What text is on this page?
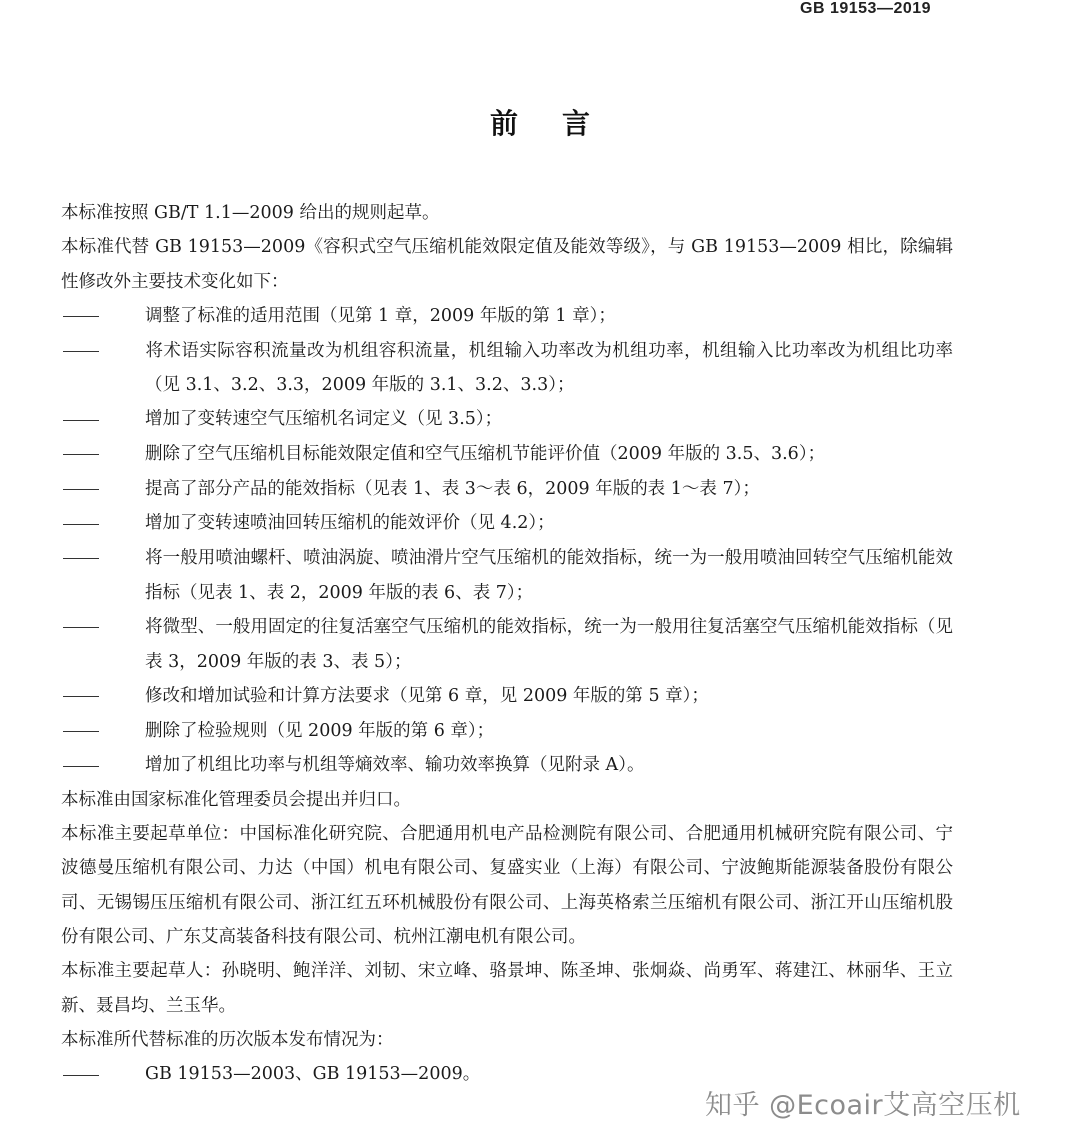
GB 19153—2019
前言

本标准按照 GB/T 1.1—2009 给出的规则起草。

本标准代替 GB 19153—2009《容积式空气压缩机能效限定值及能效等级》，与 GB 19153—2009 相比，除编辑性修改外主要技术变化如下：

调整了标准的适用范围（见第 1 章，2009 年版的第 1 章）；

将术语实际容积流量改为机组容积流量，机组输入功率改为机组功率，机组输入比功率改为机组比功率（见 3.1、3.2、3.3，2009 年版的 3.1、3.2、3.3）；

增加了变转速空气压缩机名词定义（见 3.5）；

删除了空气压缩机目标能效限定值和空气压缩机节能评价值（2009 年版的 3.5、3.6）；

提高了部分产品的能效指标（见表 1、表 3～表 6，2009 年版的表 1～表 7）；

增加了变转速喷油回转压缩机的能效评价（见 4.2）；

将一般用喷油螺杆、喷油涡旋、喷油滑片空气压缩机的能效指标，统一为一般用喷油回转空气压缩机能效指标（见表 1、表 2，2009 年版的表 6、表 7）；

将微型、一般用固定的往复活塞空气压缩机的能效指标，统一为一般用往复活塞空气压缩机能效指标（见表 3，2009 年版的表 3、表 5）；

修改和增加试验和计算方法要求（见第 6 章，见 2009 年版的第 5 章）；

删除了检验规则（见 2009 年版的第 6 章）；

增加了机组比功率与机组等熵效率、输功效率换算（见附录 A）。

本标准由国家标准化管理委员会提出并归口。

本标准主要起草单位：中国标准化研究院、合肥通用机电产品检测院有限公司、合肥通用机械研究院有限公司、宁波德曼压缩机有限公司、力达（中国）机电有限公司、复盛实业（上海）有限公司、宁波鲍斯能源装备股份有限公司、无锡锡压压缩机有限公司、浙江红五环机械股份有限公司、上海英格索兰压缩机有限公司、浙江开山压缩机股份有限公司、广东艾高装备科技有限公司、杭州江潮电机有限公司。

本标准主要起草人：孙晓明、鲍洋洋、刘韧、宋立峰、骆景坤、陈圣坤、张炯焱、尚勇军、蒋建江、林丽华、王立新、聂昌均、兰玉华。

本标准所代替标准的历次版本发布情况为：

GB 19153—2003、GB 19153—2009。

知乎 @Ecoair艾高空压机
